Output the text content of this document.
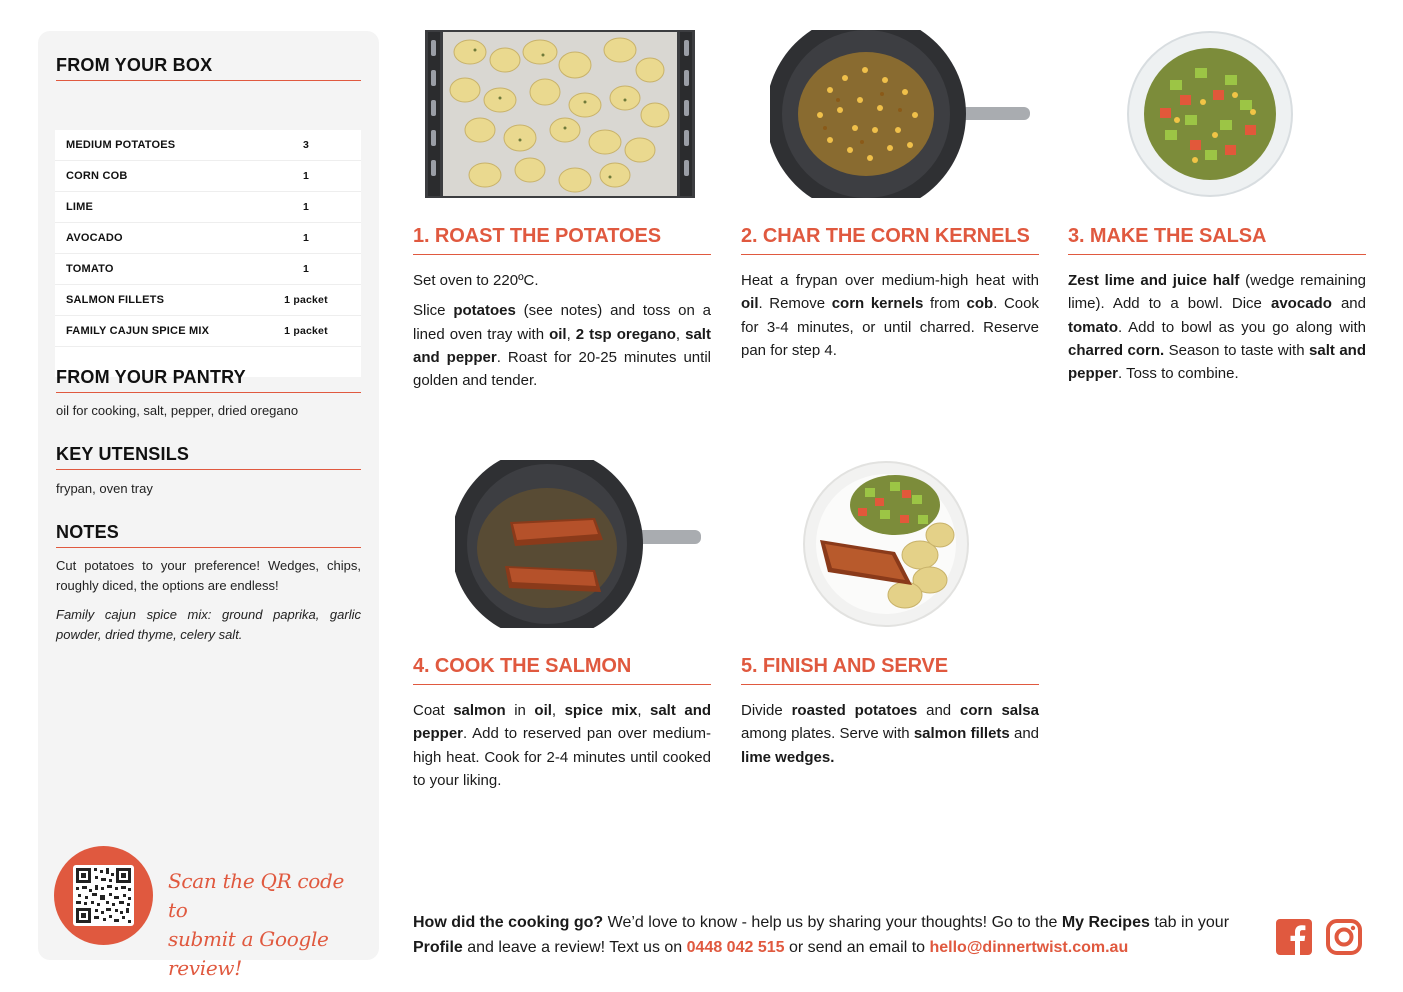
FROM YOUR BOX
MEDIUM POTATOES	3
CORN COB	1
LIME	1
AVOCADO	1
TOMATO	1
SALMON FILLETS	1 packet
FAMILY CAJUN SPICE MIX	1 packet
FROM YOUR PANTRY
oil for cooking, salt, pepper, dried oregano
KEY UTENSILS
frypan, oven tray
NOTES
Cut potatoes to your preference! Wedges, chips, roughly diced, the options are endless!
Family cajun spice mix: ground paprika, garlic powder, dried thyme, celery salt.
Scan the QR code to
submit a Google review!
1. ROAST THE POTATOES

Set oven to 220ºC.

Slice potatoes (see notes) and toss on a lined oven tray with oil, 2 tsp oregano, salt and pepper. Roast for 20-25 minutes until golden and tender.

2. CHAR THE CORN KERNELS

Heat a frypan over medium-high heat with oil. Remove corn kernels from cob. Cook for 3-4 minutes, or until charred. Reserve pan for step 4.

3. MAKE THE SALSA

Zest lime and juice half (wedge remaining lime). Add to a bowl. Dice avocado and tomato. Add to bowl as you go along with charred corn. Season to taste with salt and pepper. Toss to combine.

4. COOK THE SALMON

Coat salmon in oil, spice mix, salt and pepper. Add to reserved pan over medium-high heat. Cook for 2-4 minutes until cooked to your liking.

5. FINISH AND SERVE

Divide roasted potatoes and corn salsa among plates. Serve with salmon fillets and lime wedges.

How did the cooking go? We’d love to know - help us by sharing your thoughts! Go to the My Recipes tab in your Profile and leave a review! Text us on 0448 042 515 or send an email to hello@dinnertwist.com.au
